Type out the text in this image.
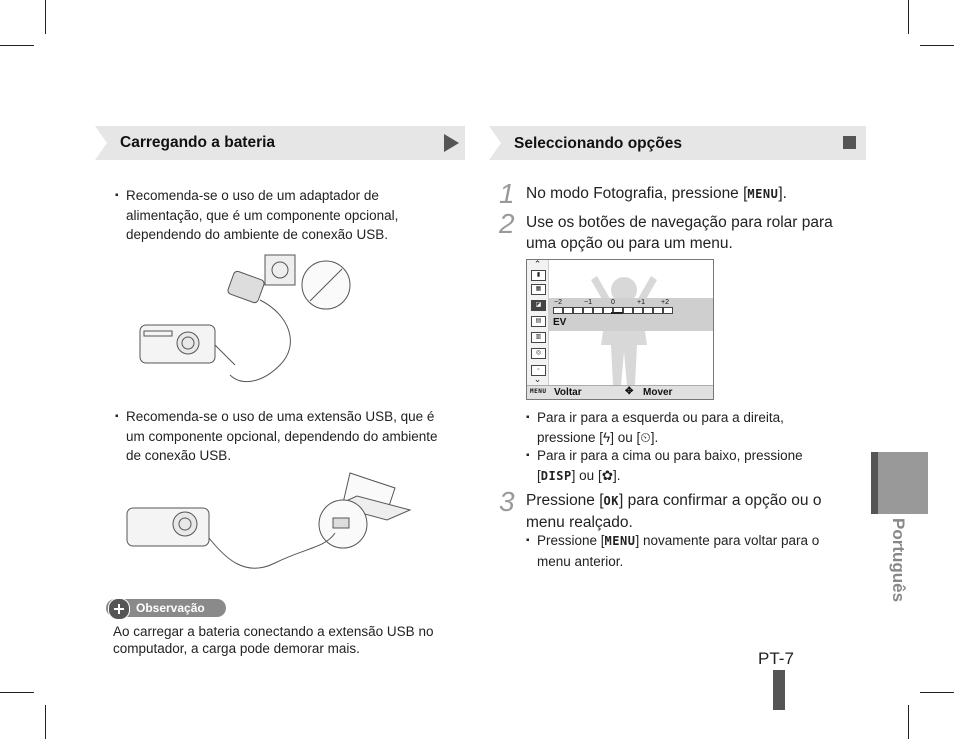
Carregando a bateria	Seleccionando opções
▪ Recomenda-se o uso de um adaptador de alimentação, que é um componente opcional, dependendo do ambiente de conexão USB.
▪ Recomenda-se o uso de uma extensão USB, que é um componente opcional, dependendo do ambiente de conexão USB.
Observação
Ao carregar a bateria conectando a extensão USB no computador, a carga pode demorar mais.
1 No modo Fotografia, pressione [MENU].
2 Use os botões de navegação para rolar para uma opção ou para um menu.
⌃
▮
▦
◪
▤
▥
◎
▫
⌄
−2	−1	0	+1 +2
EV
MENU Voltar	✥ Mover
▪ Para ir para a esquerda ou para a direita, pressione [ϟ] ou [⏲].
▪ Para ir para a cima ou para baixo, pressione [DISP] ou [✿].
3 Pressione [OK] para confirmar a opção ou o menu realçado.
▪ Pressione [MENU] novamente para voltar para o menu anterior.	Português
PT-7
